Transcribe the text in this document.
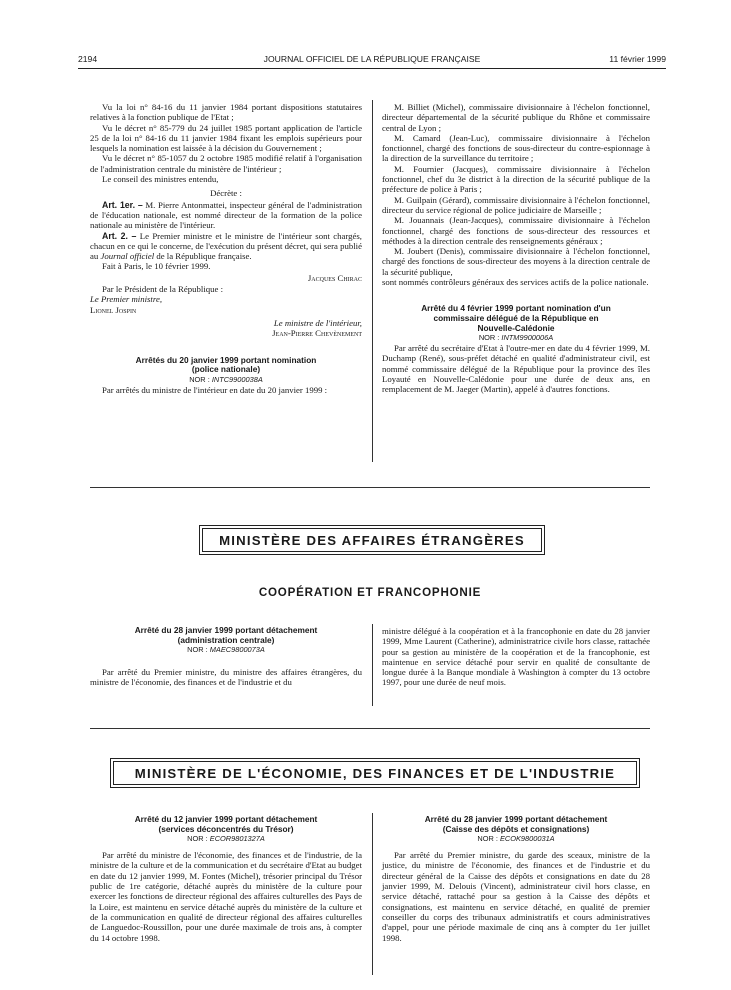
2194	JOURNAL OFFICIEL DE LA RÉPUBLIQUE FRANÇAISE	11 février 1999

Vu la loi n° 84-16 du 11 janvier 1984 portant dispositions statutaires relatives à la fonction publique de l'Etat ;

Vu le décret n° 85-779 du 24 juillet 1985 portant application de l'article 25 de la loi n° 84-16 du 11 janvier 1984 fixant les emplois supérieurs pour lesquels la nomination est laissée à la décision du Gouvernement ;

Vu le décret n° 85-1057 du 2 octobre 1985 modifié relatif à l'organisation de l'administration centrale du ministère de l'intérieur ;

Le conseil des ministres entendu,

Décrète :

Art. 1er. – M. Pierre Antonmattei, inspecteur général de l'administration de l'éducation nationale, est nommé directeur de la formation de la police nationale au ministère de l'intérieur.

Art. 2. – Le Premier ministre et le ministre de l'intérieur sont chargés, chacun en ce qui le concerne, de l'exécution du présent décret, qui sera publié au Journal officiel de la République française.

Fait à Paris, le 10 février 1999.

Jacques Chirac

Par le Président de la République :

Le Premier ministre,

Lionel Jospin

Le ministre de l'intérieur,

Jean-Pierre Chevènement

Arrêtés du 20 janvier 1999 portant nomination
(police nationale)

NOR : INTC9900038A

Par arrêtés du ministre de l'intérieur en date du 20 janvier 1999 :

M. Billiet (Michel), commissaire divisionnaire à l'échelon fonctionnel, directeur départemental de la sécurité publique du Rhône et commissaire central de Lyon ;

M. Camard (Jean-Luc), commissaire divisionnaire à l'échelon fonctionnel, chargé des fonctions de sous-directeur du contre-espionnage à la direction de la surveillance du territoire ;

M. Fournier (Jacques), commissaire divisionnaire à l'échelon fonctionnel, chef du 3e district à la direction de la sécurité publique de la préfecture de police à Paris ;

M. Guilpain (Gérard), commissaire divisionnaire à l'échelon fonctionnel, directeur du service régional de police judiciaire de Marseille ;

M. Jouannais (Jean-Jacques), commissaire divisionnaire à l'échelon fonctionnel, chargé des fonctions de sous-directeur des ressources et méthodes à la direction centrale des renseignements généraux ;

M. Joubert (Denis), commissaire divisionnaire à l'échelon fonctionnel, chargé des fonctions de sous-directeur des moyens à la direction centrale de la sécurité publique,

sont nommés contrôleurs généraux des services actifs de la police nationale.

Arrêté du 4 février 1999 portant nomination d'un
commissaire délégué de la République en
Nouvelle-Calédonie

NOR : INTM9900006A

Par arrêté du secrétaire d'Etat à l'outre-mer en date du 4 février 1999, M. Duchamp (René), sous-préfet détaché en qualité d'administrateur civil, est nommé commissaire délégué de la République pour la province des îles Loyauté en Nouvelle-Calédonie pour une durée de deux ans, en remplacement de M. Jaeger (Martin), appelé à d'autres fonctions.

MINISTÈRE DES AFFAIRES ÉTRANGÈRES
COOPÉRATION ET FRANCOPHONIE

Arrêté du 28 janvier 1999 portant détachement
(administration centrale)

NOR : MAEC9800073A

Par arrêté du Premier ministre, du ministre des affaires étrangères, du ministre de l'économie, des finances et de l'industrie et du

ministre délégué à la coopération et à la francophonie en date du 28 janvier 1999, Mme Laurent (Catherine), administratrice civile hors classe, rattachée pour sa gestion au ministère de la coopération et de la francophonie, est maintenue en service détaché pour servir en qualité de consultante de longue durée à la Banque mondiale à Washington à compter du 13 octobre 1997, pour une durée de neuf mois.

MINISTÈRE DE L'ÉCONOMIE, DES FINANCES ET DE L'INDUSTRIE

Arrêté du 12 janvier 1999 portant détachement
(services déconcentrés du Trésor)

NOR : ECOR9801327A

Par arrêté du ministre de l'économie, des finances et de l'industrie, de la ministre de la culture et de la communication et du secrétaire d'Etat au budget en date du 12 janvier 1999, M. Fontes (Michel), trésorier principal du Trésor public de 1re catégorie, détaché auprès du ministère de la culture pour exercer les fonctions de directeur régional des affaires culturelles des Pays de la Loire, est maintenu en service détaché auprès du ministère de la culture et de la communication en qualité de directeur régional des affaires culturelles de Languedoc-Roussillon, pour une durée maximale de trois ans, à compter du 14 octobre 1998.

Arrêté du 28 janvier 1999 portant détachement
(Caisse des dépôts et consignations)

NOR : ECOK9800031A

Par arrêté du Premier ministre, du garde des sceaux, ministre de la justice, du ministre de l'économie, des finances et de l'industrie et du directeur général de la Caisse des dépôts et consignations en date du 28 janvier 1999, M. Delouis (Vincent), administrateur civil hors classe, en service détaché, rattaché pour sa gestion à la Caisse des dépôts et consignations, est maintenu en service détaché, en qualité de premier conseiller du corps des tribunaux administratifs et cours administratives d'appel, pour une période maximale de cinq ans à compter du 1er juillet 1998.
